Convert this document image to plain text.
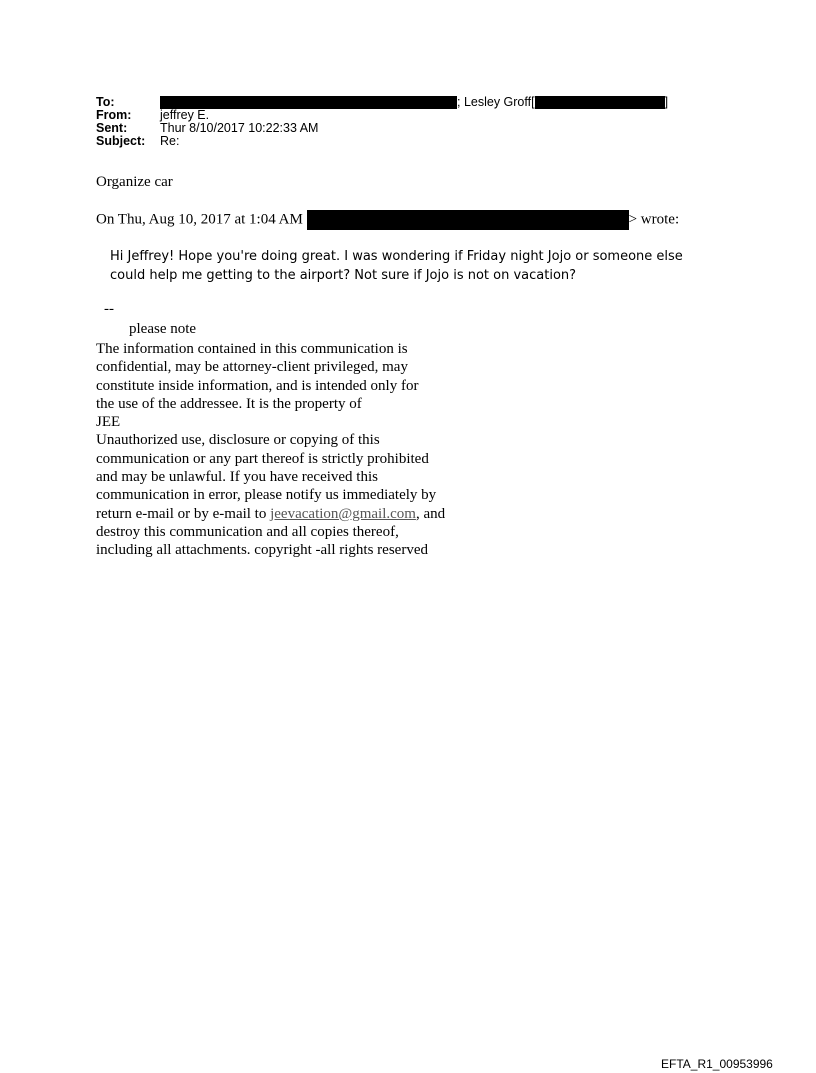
To:	; Lesley Groff[	]
From: jeffrey E.
Sent:	Thur 8/10/2017 10:22:33 AM
Subject: Re:
Organize car
On Thu, Aug 10, 2017 at 1:04 AM	> wrote:
Hi Jeffrey! Hope you're doing great. I was wondering if Friday night Jojo or someone else could help me getting to the airport? Not sure if Jojo is not on vacation?
--
please note
The information contained in this communication is
confidential, may be attorney-client privileged, may
constitute inside information, and is intended only for
the use of the addressee. It is the property of
JEE
Unauthorized use, disclosure or copying of this
communication or any part thereof is strictly prohibited
and may be unlawful. If you have received this
communication in error, please notify us immediately by
return e-mail or by e-mail to jeevacation@gmail.com, and
destroy this communication and all copies thereof,
including all attachments. copyright -all rights reserved
EFTA_R1_00953996
